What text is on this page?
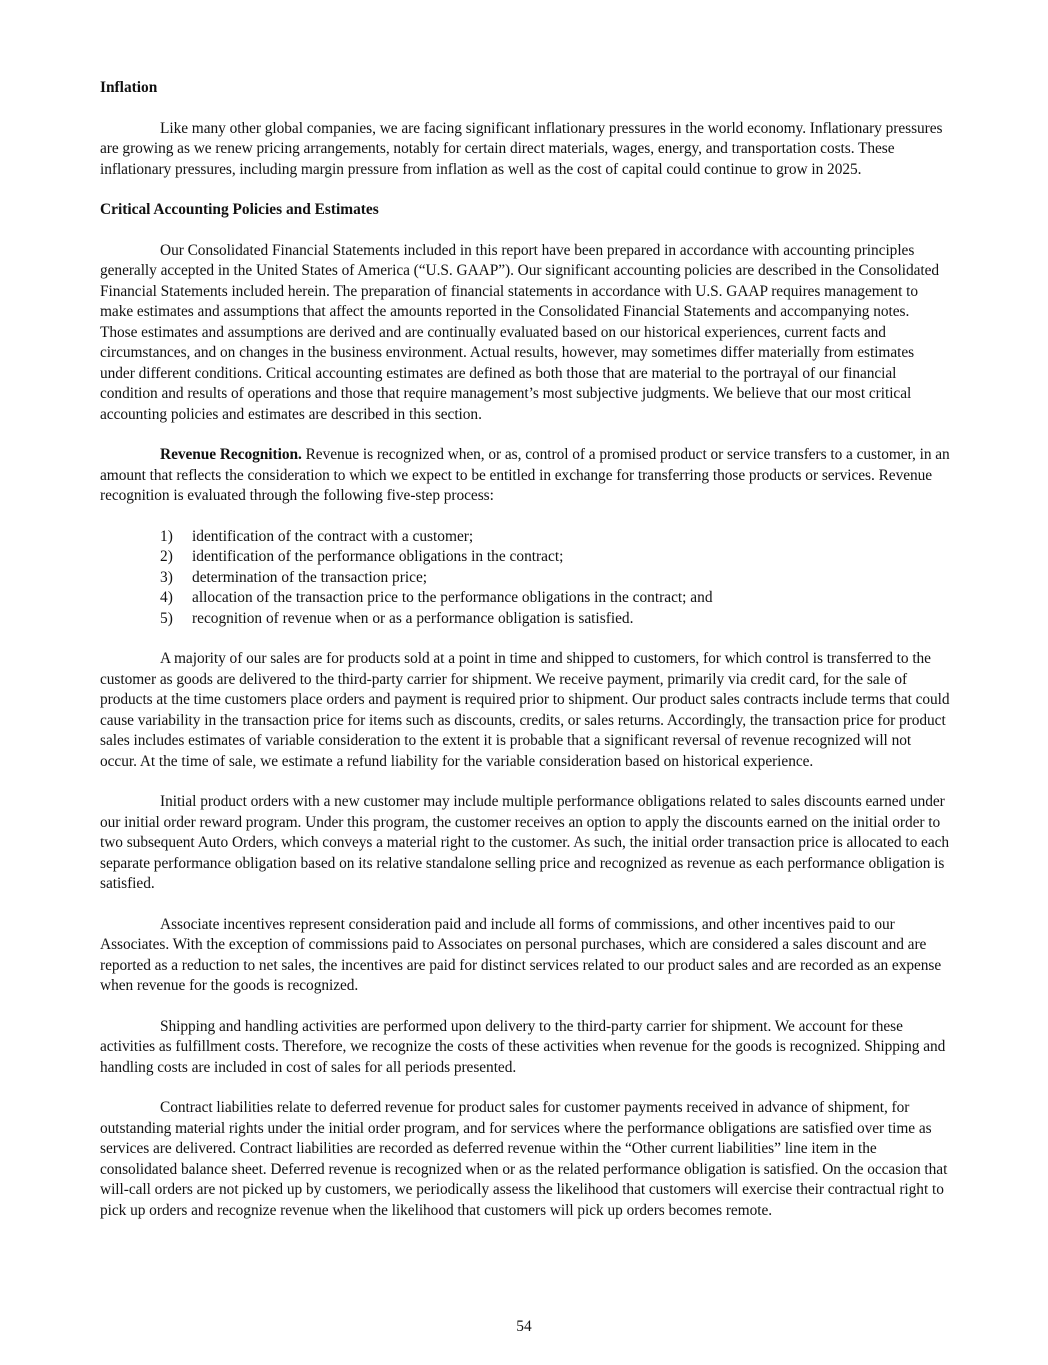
Inflation

Like many other global companies, we are facing significant inflationary pressures in the world economy. Inflationary pressures are growing as we renew pricing arrangements, notably for certain direct materials, wages, energy, and transportation costs. These inflationary pressures, including margin pressure from inflation as well as the cost of capital could continue to grow in 2025.

Critical Accounting Policies and Estimates

Our Consolidated Financial Statements included in this report have been prepared in accordance with accounting principles generally accepted in the United States of America (“U.S. GAAP”). Our significant accounting policies are described in the Consolidated Financial Statements included herein. The preparation of financial statements in accordance with U.S. GAAP requires management to make estimates and assumptions that affect the amounts reported in the Consolidated Financial Statements and accompanying notes. Those estimates and assumptions are derived and are continually evaluated based on our historical experiences, current facts and circumstances, and on changes in the business environment. Actual results, however, may sometimes differ materially from estimates under different conditions. Critical accounting estimates are defined as both those that are material to the portrayal of our financial condition and results of operations and those that require management’s most subjective judgments. We believe that our most critical accounting policies and estimates are described in this section.

Revenue Recognition. Revenue is recognized when, or as, control of a promised product or service transfers to a customer, in an amount that reflects the consideration to which we expect to be entitled in exchange for transferring those products or services. Revenue recognition is evaluated through the following five-step process:

1)	identification of the contract with a customer;
2)	identification of the performance obligations in the contract;
3)	determination of the transaction price;
4)	allocation of the transaction price to the performance obligations in the contract; and
5)	recognition of revenue when or as a performance obligation is satisfied.

A majority of our sales are for products sold at a point in time and shipped to customers, for which control is transferred to the customer as goods are delivered to the third-party carrier for shipment. We receive payment, primarily via credit card, for the sale of products at the time customers place orders and payment is required prior to shipment. Our product sales contracts include terms that could cause variability in the transaction price for items such as discounts, credits, or sales returns. Accordingly, the transaction price for product sales includes estimates of variable consideration to the extent it is probable that a significant reversal of revenue recognized will not occur. At the time of sale, we estimate a refund liability for the variable consideration based on historical experience.

Initial product orders with a new customer may include multiple performance obligations related to sales discounts earned under our initial order reward program. Under this program, the customer receives an option to apply the discounts earned on the initial order to two subsequent Auto Orders, which conveys a material right to the customer. As such, the initial order transaction price is allocated to each separate performance obligation based on its relative standalone selling price and recognized as revenue as each performance obligation is satisfied.

Associate incentives represent consideration paid and include all forms of commissions, and other incentives paid to our Associates. With the exception of commissions paid to Associates on personal purchases, which are considered a sales discount and are reported as a reduction to net sales, the incentives are paid for distinct services related to our product sales and are recorded as an expense when revenue for the goods is recognized.

Shipping and handling activities are performed upon delivery to the third-party carrier for shipment. We account for these activities as fulfillment costs. Therefore, we recognize the costs of these activities when revenue for the goods is recognized. Shipping and handling costs are included in cost of sales for all periods presented.

Contract liabilities relate to deferred revenue for product sales for customer payments received in advance of shipment, for outstanding material rights under the initial order program, and for services where the performance obligations are satisfied over time as services are delivered. Contract liabilities are recorded as deferred revenue within the “Other current liabilities” line item in the consolidated balance sheet. Deferred revenue is recognized when or as the related performance obligation is satisfied. On the occasion that will-call orders are not picked up by customers, we periodically assess the likelihood that customers will exercise their contractual right to pick up orders and recognize revenue when the likelihood that customers will pick up orders becomes remote.

54
